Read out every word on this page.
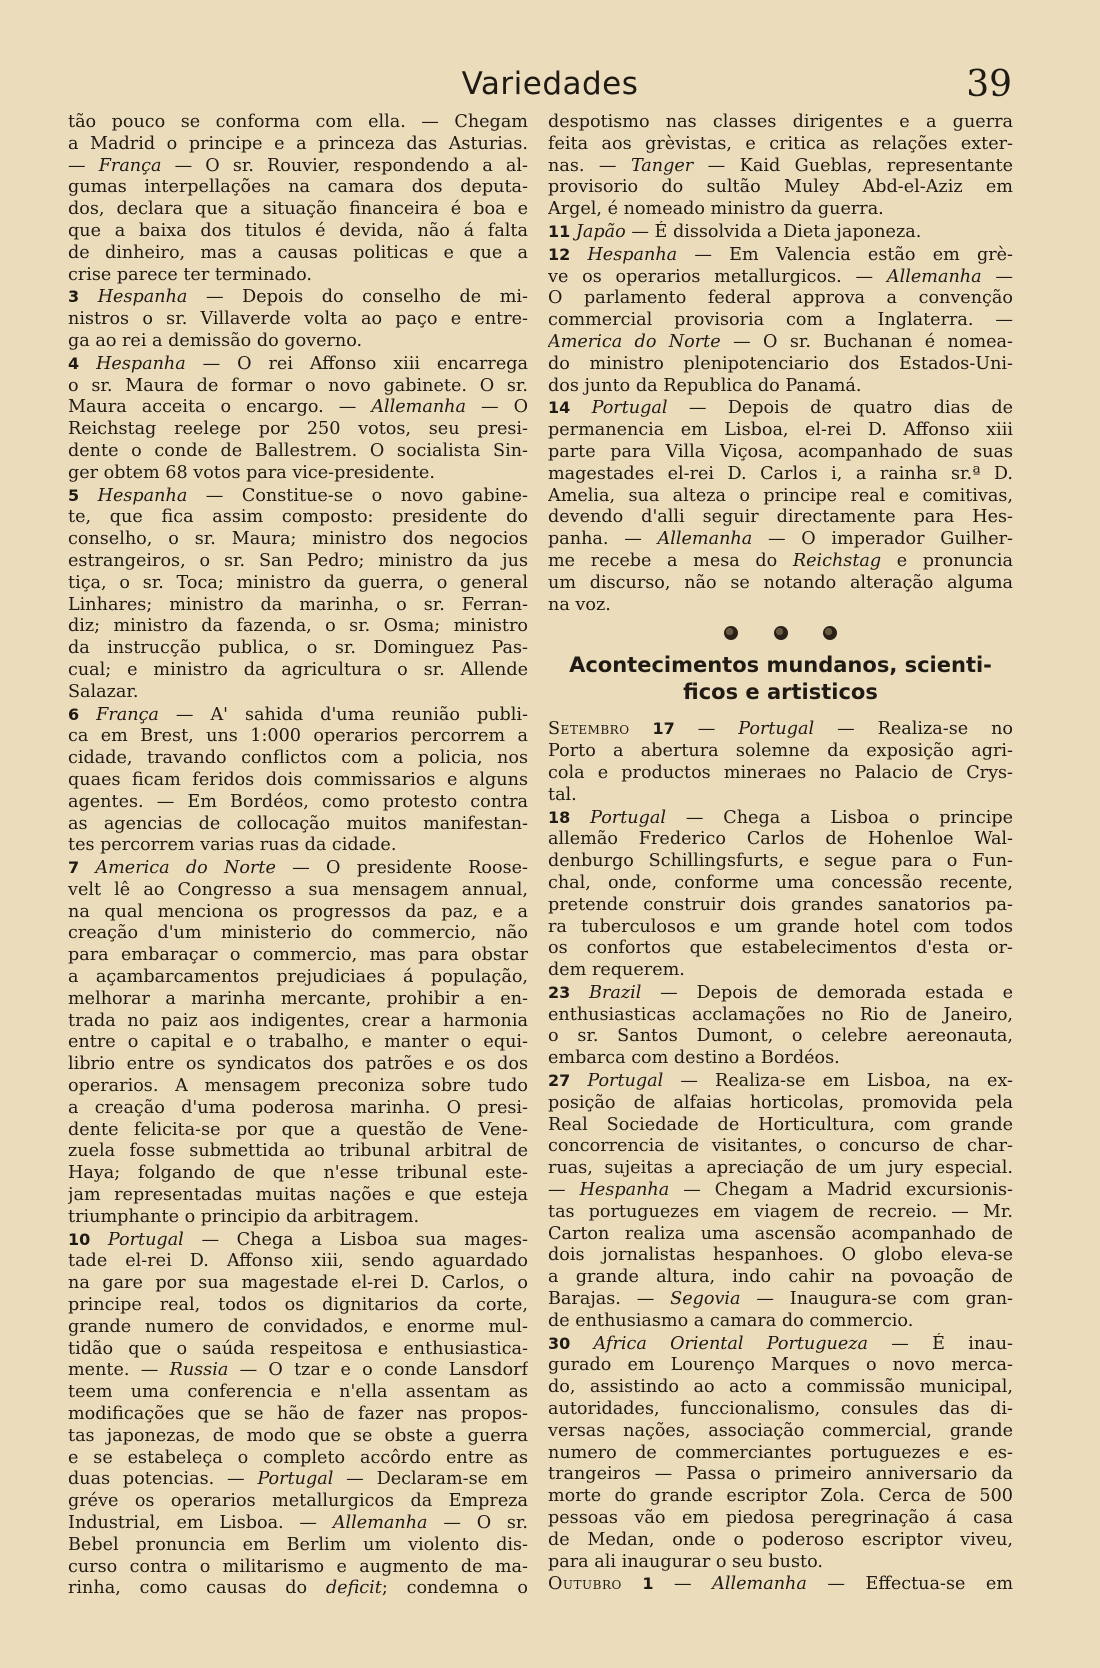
Variedades	39
tão pouco se conforma com ella. — Chegam
a Madrid o principe e a princeza das Asturias.
— França — O sr. Rouvier, respondendo a al-
gumas interpellações na camara dos deputa-
dos, declara que a situação financeira é boa e
que a baixa dos titulos é devida, não á falta
de dinheiro, mas a causas politicas e que a
crise parece ter terminado.
3 Hespanha — Depois do conselho de mi-
nistros o sr. Villaverde volta ao paço e entre-
ga ao rei a demissão do governo.
4 Hespanha — O rei Affonso xiii encarrega
o sr. Maura de formar o novo gabinete. O sr.
Maura acceita o encargo. — Allemanha — O
Reichstag reelege por 250 votos, seu presi-
dente o conde de Ballestrem. O socialista Sin-
ger obtem 68 votos para vice-presidente.
5 Hespanha — Constitue-se o novo gabine-
te, que fica assim composto: presidente do
conselho, o sr. Maura; ministro dos negocios
estrangeiros, o sr. San Pedro; ministro da jus
tiça, o sr. Toca; ministro da guerra, o general
Linhares; ministro da marinha, o sr. Ferran-
diz; ministro da fazenda, o sr. Osma; ministro
da instrucção publica, o sr. Dominguez Pas-
cual; e ministro da agricultura o sr. Allende
Salazar.
6 França — A' sahida d'uma reunião publi-
ca em Brest, uns 1:000 operarios percorrem a
cidade, travando conflictos com a policia, nos
quaes ficam feridos dois commissarios e alguns
agentes. — Em Bordéos, como protesto contra
as agencias de collocação muitos manifestan-
tes percorrem varias ruas da cidade.
7 America do Norte — O presidente Roose-
velt lê ao Congresso a sua mensagem annual,
na qual menciona os progressos da paz, e a
creação d'um ministerio do commercio, não
para embaraçar o commercio, mas para obstar
a açambarcamentos prejudiciaes á população,
melhorar a marinha mercante, prohibir a en-
trada no paiz aos indigentes, crear a harmonia
entre o capital e o trabalho, e manter o equi-
librio entre os syndicatos dos patrões e os dos
operarios. A mensagem preconiza sobre tudo
a creação d'uma poderosa marinha. O presi-
dente felicita-se por que a questão de Vene-
zuela fosse submettida ao tribunal arbitral de
Haya; folgando de que n'esse tribunal este-
jam representadas muitas nações e que esteja
triumphante o principio da arbitragem.
10 Portugal — Chega a Lisboa sua mages-
tade el-rei D. Affonso xiii, sendo aguardado
na gare por sua magestade el-rei D. Carlos, o
principe real, todos os dignitarios da corte,
grande numero de convidados, e enorme mul-
tidão que o saúda respeitosa e enthusiastica-
mente. — Russia — O tzar e o conde Lansdorf
teem uma conferencia e n'ella assentam as
modificações que se hão de fazer nas propos-
tas japonezas, de modo que se obste a guerra
e se estabeleça o completo accôrdo entre as
duas potencias. — Portugal — Declaram-se em
gréve os operarios metallurgicos da Empreza
Industrial, em Lisboa. — Allemanha — O sr.
Bebel pronuncia em Berlim um violento dis-
curso contra o militarismo e augmento de ma-
rinha, como causas do deficit; condemna o
despotismo nas classes dirigentes e a guerra
feita aos grèvistas, e critica as relações exter-
nas. — Tanger — Kaid Gueblas, representante
provisorio do sultão Muley Abd-el-Aziz em
Argel, é nomeado ministro da guerra.
11 Japão — É dissolvida a Dieta japoneza.
12 Hespanha — Em Valencia estão em grè-
ve os operarios metallurgicos. — Allemanha —
O parlamento federal approva a convenção
commercial provisoria com a Inglaterra. —
America do Norte — O sr. Buchanan é nomea-
do ministro plenipotenciario dos Estados-Uni-
dos junto da Republica do Panamá.
14 Portugal — Depois de quatro dias de
permanencia em Lisboa, el-rei D. Affonso xiii
parte para Villa Viçosa, acompanhado de suas
magestades el-rei D. Carlos i, a rainha sr.ª D.
Amelia, sua alteza o principe real e comitivas,
devendo d'alli seguir directamente para Hes-
panha. — Allemanha — O imperador Guilher-
me recebe a mesa do Reichstag e pronuncia
um discurso, não se notando alteração alguma
na voz.

Acontecimentos mundanos, scienti-
ficos e artisticos
Setembro 17 — Portugal — Realiza-se no
Porto a abertura solemne da exposição agri-
cola e productos mineraes no Palacio de Crys-
tal.
18 Portugal — Chega a Lisboa o principe
allemão Frederico Carlos de Hohenloe Wal-
denburgo Schillingsfurts, e segue para o Fun-
chal, onde, conforme uma concessão recente,
pretende construir dois grandes sanatorios pa-
ra tuberculosos e um grande hotel com todos
os confortos que estabelecimentos d'esta or-
dem requerem.
23 Brazil — Depois de demorada estada e
enthusiasticas acclamações no Rio de Janeiro,
o sr. Santos Dumont, o celebre aereonauta,
embarca com destino a Bordéos.
27 Portugal — Realiza-se em Lisboa, na ex-
posição de alfaias horticolas, promovida pela
Real Sociedade de Horticultura, com grande
concorrencia de visitantes, o concurso de char-
ruas, sujeitas a apreciação de um jury especial.
— Hespanha — Chegam a Madrid excursionis-
tas portuguezes em viagem de recreio. — Mr.
Carton realiza uma ascensão acompanhado de
dois jornalistas hespanhoes. O globo eleva-se
a grande altura, indo cahir na povoação de
Barajas. — Segovia — Inaugura-se com gran-
de enthusiasmo a camara do commercio.
30 Africa Oriental Portugueza — É inau-
gurado em Lourenço Marques o novo merca-
do, assistindo ao acto a commissão municipal,
autoridades, funccionalismo, consules das di-
versas nações, associação commercial, grande
numero de commerciantes portuguezes e es-
trangeiros — Passa o primeiro anniversario da
morte do grande escriptor Zola. Cerca de 500
pessoas vão em piedosa peregrinação á casa
de Medan, onde o poderoso escriptor viveu,
para ali inaugurar o seu busto.
Outubro 1 — Allemanha — Effectua-se em
